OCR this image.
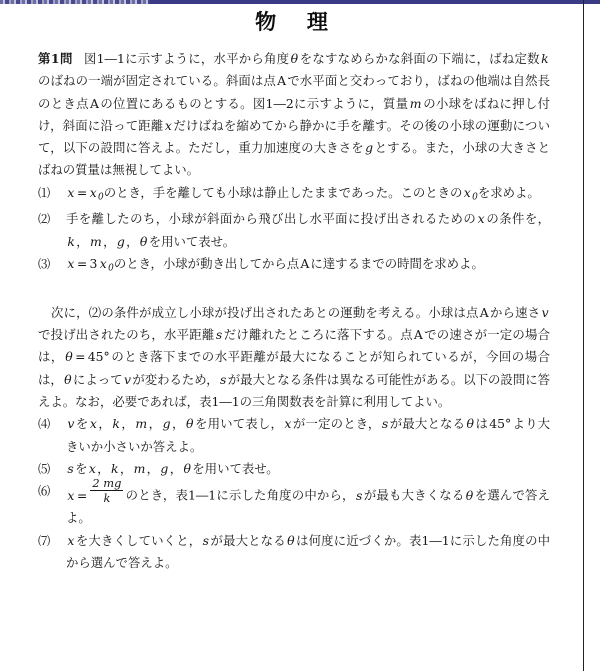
物 理
第1問 図1―1に示すように，水平から角度θをなすなめらかな斜面の下端に，ばね定数kのばねの一端が固定されている。斜面は点Aで水平面と交わっており，ばねの他端は自然長のとき点Aの位置にあるものとする。図1―2に示すように，質量mの小球をばねに押し付け，斜面に沿って距離xだけばねを縮めてから静かに手を離す。その後の小球の運動について，以下の設問に答えよ。ただし，重力加速度の大きさをgとする。また，小球の大きさとばねの質量は無視してよい。
⑴	$x = x_0$のとき，手を離しても小球は静止したままであった。このときの$x_0$を求めよ。
⑵	手を離したのち，小球が斜面から飛び出し水平面に投げ出されるためのxの条件を，k，m，g，θを用いて表せ。
⑶	x = 3 $x_0$のとき，小球が動き出してから点Aに達するまでの時間を求めよ。
次に，⑵の条件が成立し小球が投げ出されたあとの運動を考える。小球は点Aから速さvで投げ出されたのち，水平距離sだけ離れたところに落下する。点Aでの速さが一定の場合は，θ = 45°のとき落下までの水平距離が最大になることが知られているが，今回の場合は，θによってvが変わるため，sが最大となる条件は異なる可能性がある。以下の設問に答えよ。なお，必要であれば，表1―1の三角関数表を計算に利用してよい。
⑷	vをx，k，m，g，θを用いて表し，xが一定のとき，sが最大となるθは45°より大きいか小さいか答えよ。
⑸	sをx，k，m，g，θを用いて表せ。
⑹	$x = \frac{2 mg}{k}$ のとき，表1―1に示した角度の中から，sが最も大きくなるθを選んで答えよ。
⑺	xを大きくしていくと，sが最大となるθは何度に近づくか。表1―1に示した角度の中から選んで答えよ。
